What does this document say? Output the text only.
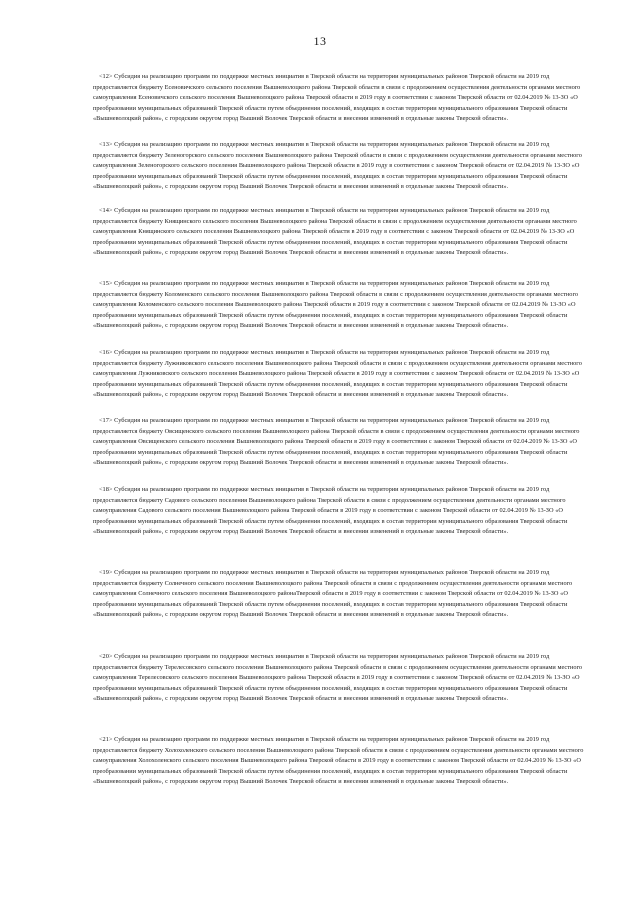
13

<12> Субсидия на реализацию программ по поддержке местных инициатив в Тверской области на территории муниципальных районов Тверской области на 2019 год предоставляется бюджету Есеновичского сельского поселения Вышневолоцкого района Тверской области в связи с продолжением осуществления деятельности органами местного самоуправления Есеновичского сельского поселения Вышневолоцкого района Тверской области в 2019 году в соответствии с законом Тверской области от 02.04.2019 № 13-ЗО «О преобразовании муниципальных образований Тверской области путем объединения поселений, входящих в состав территории муниципального образования Тверской области «Вышневолоцкий район», с городским округом город Вышний Волочек Тверской области и внесении изменений в отдельные законы Тверской области».

<13> Субсидия на реализацию программ по поддержке местных инициатив в Тверской области на территории муниципальных районов Тверской области на 2019 год предоставляется бюджету Зеленогорского сельского поселения Вышневолоцкого района Тверской области в связи с продолжением осуществления деятельности органами местного самоуправления Зеленогорского сельского поселения Вышневолоцкого района Тверской области в 2019 году в соответствии с законом Тверской области от 02.04.2019 № 13-ЗО «О преобразовании муниципальных образований Тверской области путем объединения поселений, входящих в состав территории муниципального образования Тверской области «Вышневолоцкий район», с городским округом город Вышний Волочек Тверской области и внесении изменений в отдельные законы Тверской области».

<14> Субсидия на реализацию программ по поддержке местных инициатив в Тверской области на территории муниципальных районов Тверской области на 2019 год предоставляется бюджету Княщинского сельского поселения Вышневолоцкого района Тверской области в связи с продолжением осуществления деятельности органами местного самоуправления Княщинского сельского поселения Вышневолоцкого района Тверской области в 2019 году в соответствии с законом Тверской области от 02.04.2019 № 13-ЗО «О преобразовании муниципальных образований Тверской области путем объединения поселений, входящих в состав территории муниципального образования Тверской области «Вышневолоцкий район», с городским округом город Вышний Волочек Тверской области и внесении изменений в отдельные законы Тверской области».

<15> Субсидия на реализацию программ по поддержке местных инициатив в Тверской области на территории муниципальных районов Тверской области на 2019 год предоставляется бюджету Коломенского сельского поселения Вышневолоцкого района Тверской области в связи с продолжением осуществления деятельности органами местного самоуправления Коломенского сельского поселения Вышневолоцкого района Тверской области в 2019 году в соответствии с законом Тверской области от 02.04.2019 № 13-ЗО «О преобразовании муниципальных образований Тверской области путем объединения поселений, входящих в состав территории муниципального образования Тверской области «Вышневолоцкий район», с городским округом город Вышний Волочек Тверской области и внесении изменений в отдельные законы Тверской области».

<16> Субсидия на реализацию программ по поддержке местных инициатив в Тверской области на территории муниципальных районов Тверской области на 2019 год предоставляется бюджету Лужниковского сельского поселения Вышневолоцкого района Тверской области в связи с продолжением осуществления деятельности органами местного самоуправления Лужниковского сельского поселения Вышневолоцкого района Тверской области в 2019 году в соответствии с законом Тверской области от 02.04.2019 № 13-ЗО «О преобразовании муниципальных образований Тверской области путем объединения поселений, входящих в состав территории муниципального образования Тверской области «Вышневолоцкий район», с городским округом город Вышний Волочек Тверской области и внесении изменений в отдельные законы Тверской области».

<17> Субсидия на реализацию программ по поддержке местных инициатив в Тверской области на территории муниципальных районов Тверской области на 2019 год предоставляется бюджету Овсищенского сельского поселения Вышневолоцкого района Тверской области в связи с продолжением осуществления деятельности органами местного самоуправления Овсищенского сельского поселения Вышневолоцкого района Тверской области в 2019 году в соответствии с законом Тверской области от 02.04.2019 № 13-ЗО «О преобразовании муниципальных образований Тверской области путем объединения поселений, входящих в состав территории муниципального образования Тверской области «Вышневолоцкий район», с городским округом город Вышний Волочек Тверской области и внесении изменений в отдельные законы Тверской области».

<18> Субсидия на реализацию программ по поддержке местных инициатив в Тверской области на территории муниципальных районов Тверской области на 2019 год предоставляется бюджету Садового сельского поселения Вышневолоцкого района Тверской области в связи с продолжением осуществления деятельности органами местного самоуправления Садового сельского поселения Вышневолоцкого района Тверской области в 2019 году в соответствии с законом Тверской области от 02.04.2019 № 13-ЗО «О преобразовании муниципальных образований Тверской области путем объединения поселений, входящих в состав территории муниципального образования Тверской области «Вышневолоцкий район», с городским округом город Вышний Волочек Тверской области и внесении изменений в отдельные законы Тверской области».

<19> Субсидия на реализацию программ по поддержке местных инициатив в Тверской области на территории муниципальных районов Тверской области на 2019 год предоставляется бюджету Солнечного сельского поселения Вышневолоцкого района Тверской области в связи с продолжением осуществления деятельности органами местного самоуправления Солнечного сельского поселения Вышневолоцкого районаТверской области в 2019 году в соответствии с законом Тверской области от 02.04.2019 № 13-ЗО «О преобразовании муниципальных образований Тверской области путем объединения поселений, входящих в состав территории муниципального образования Тверской области «Вышневолоцкий район», с городским округом город Вышний Волочек Тверской области и внесении изменений в отдельные законы Тверской области».

<20> Субсидия на реализацию программ по поддержке местных инициатив в Тверской области на территории муниципальных районов Тверской области на 2019 год предоставляется бюджету Терелесовского сельского поселения Вышневолоцкого района Тверской области в связи с продолжением осуществления деятельности органами местного самоуправления Терелесовского сельского поселения Вышневолоцкого района Тверской области в 2019 году в соответствии с законом Тверской области от 02.04.2019 № 13-ЗО «О преобразовании муниципальных образований Тверской области путем объединения поселений, входящих в состав территории муниципального образования Тверской области «Вышневолоцкий район», с городским округом город Вышний Волочек Тверской области и внесении изменений в отдельные законы Тверской области».

<21> Субсидия на реализацию программ по поддержке местных инициатив в Тверской области на территории муниципальных районов Тверской области на 2019 год предоставляется бюджету Холохоленского сельского поселения Вышневолоцкого района Тверской области в связи с продолжением осуществления деятельности органами местного самоуправления Холохоленского сельского поселения Вышневолоцкого района Тверской области в 2019 году в соответствии с законом Тверской области от 02.04.2019 № 13-ЗО «О преобразовании муниципальных образований Тверской области путем объединения поселений, входящих в состав территории муниципального образования Тверской области «Вышневолоцкий район», с городским округом город Вышний Волочек Тверской области и внесении изменений в отдельные законы Тверской области».
